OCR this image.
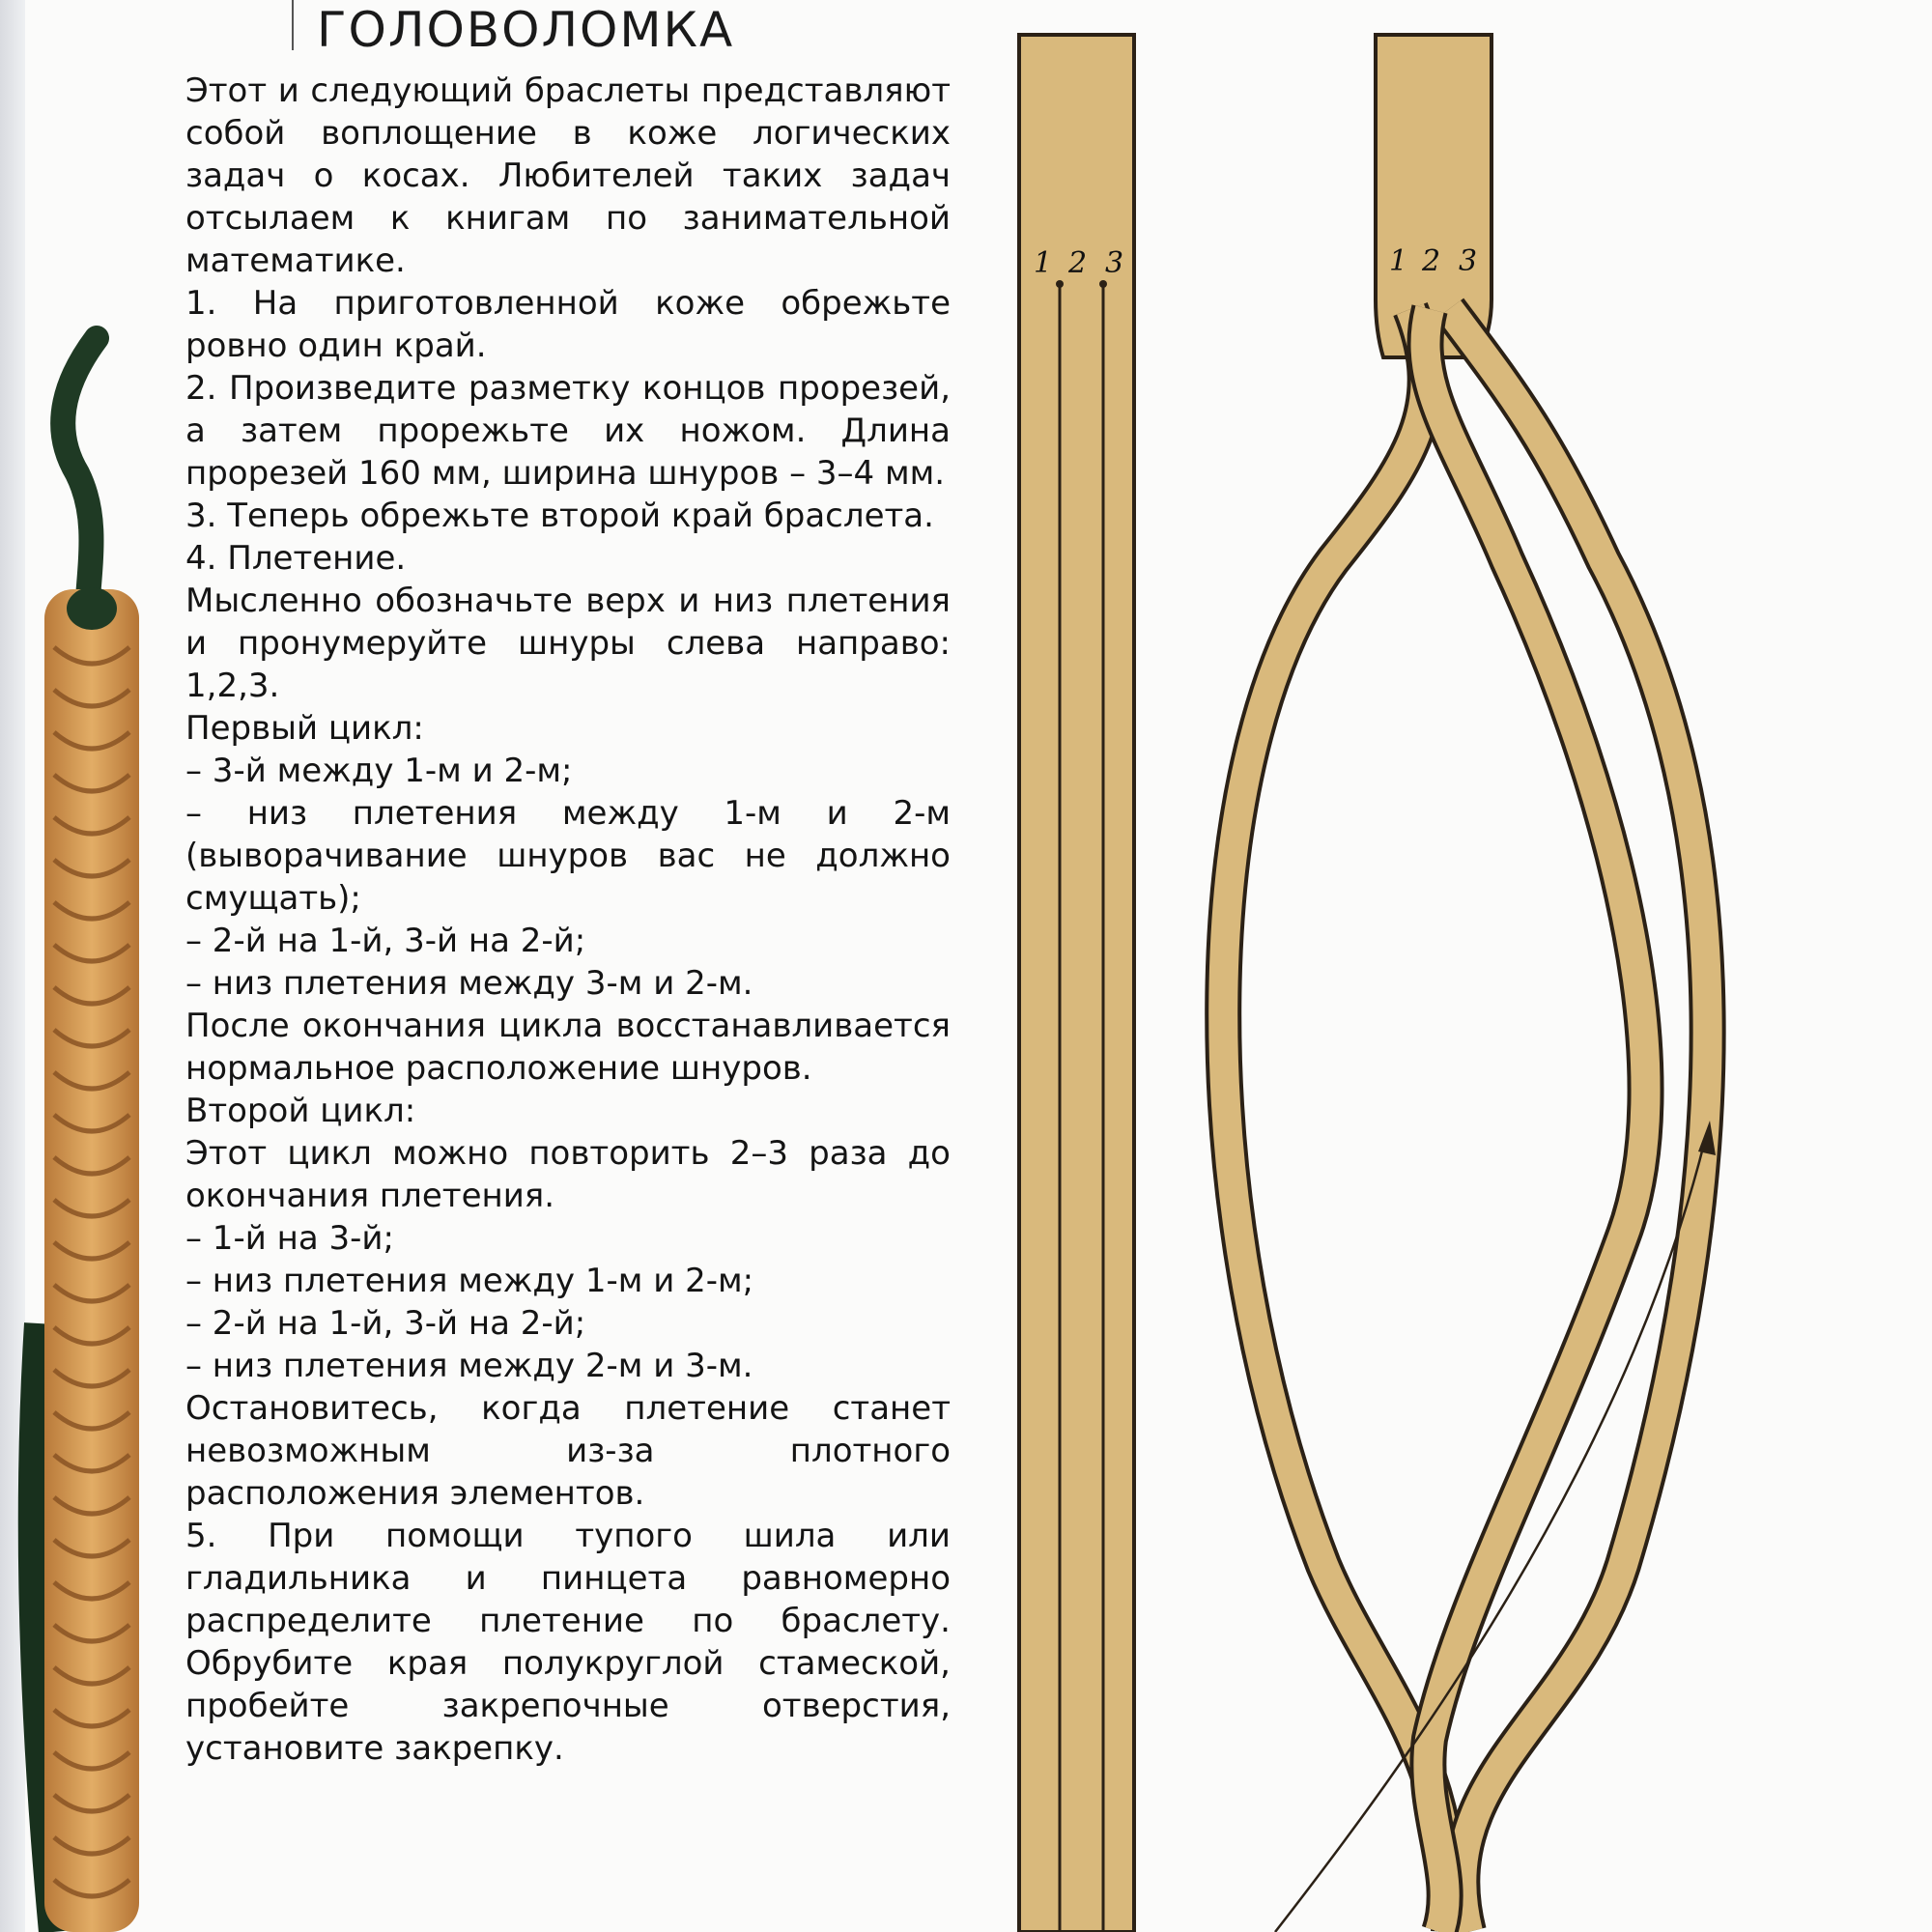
ГОЛОВОЛОМКА

Этот и следующий браслеты представляют собой воплощение в коже логических задач о косах. Любителей таких задач отсылаем к книгам по занимательной математике.

1. На приготовленной коже обрежьте ровно один край.

2. Произведите разметку концов прорезей, а затем прорежьте их ножом. Длина прорезей 160 мм, ширина шнуров – 3–4 мм.

3. Теперь обрежьте второй край браслета.

4. Плетение.

Мысленно обозначьте верх и низ плетения и пронумеруйте шнуры слева направо: 1,2,3.

Первый цикл:

– 3-й между 1-м и 2-м;

– низ плетения между 1-м и 2-м (выворачивание шнуров вас не должно смущать);

– 2-й на 1-й, 3-й на 2-й;

– низ плетения между 3-м и 2-м.

После окончания цикла восстанавливается нормальное расположение шнуров.

Второй цикл:

Этот цикл можно повторить 2–3 раза до окончания плетения.

– 1-й на 3-й;

– низ плетения между 1-м и 2-м;

– 2-й на 1-й, 3-й на 2-й;

– низ плетения между 2-м и 3-м.

Остановитесь, когда плетение станет невозможным из-за плотного расположения элементов.

5. При помощи тупого шила или гладильника и пинцета равномерно распределите плетение по браслету. Обрубите края полукруглой стамеской, пробейте закрепочные отверстия, установите закрепку.

1 2 3	1 2 3
